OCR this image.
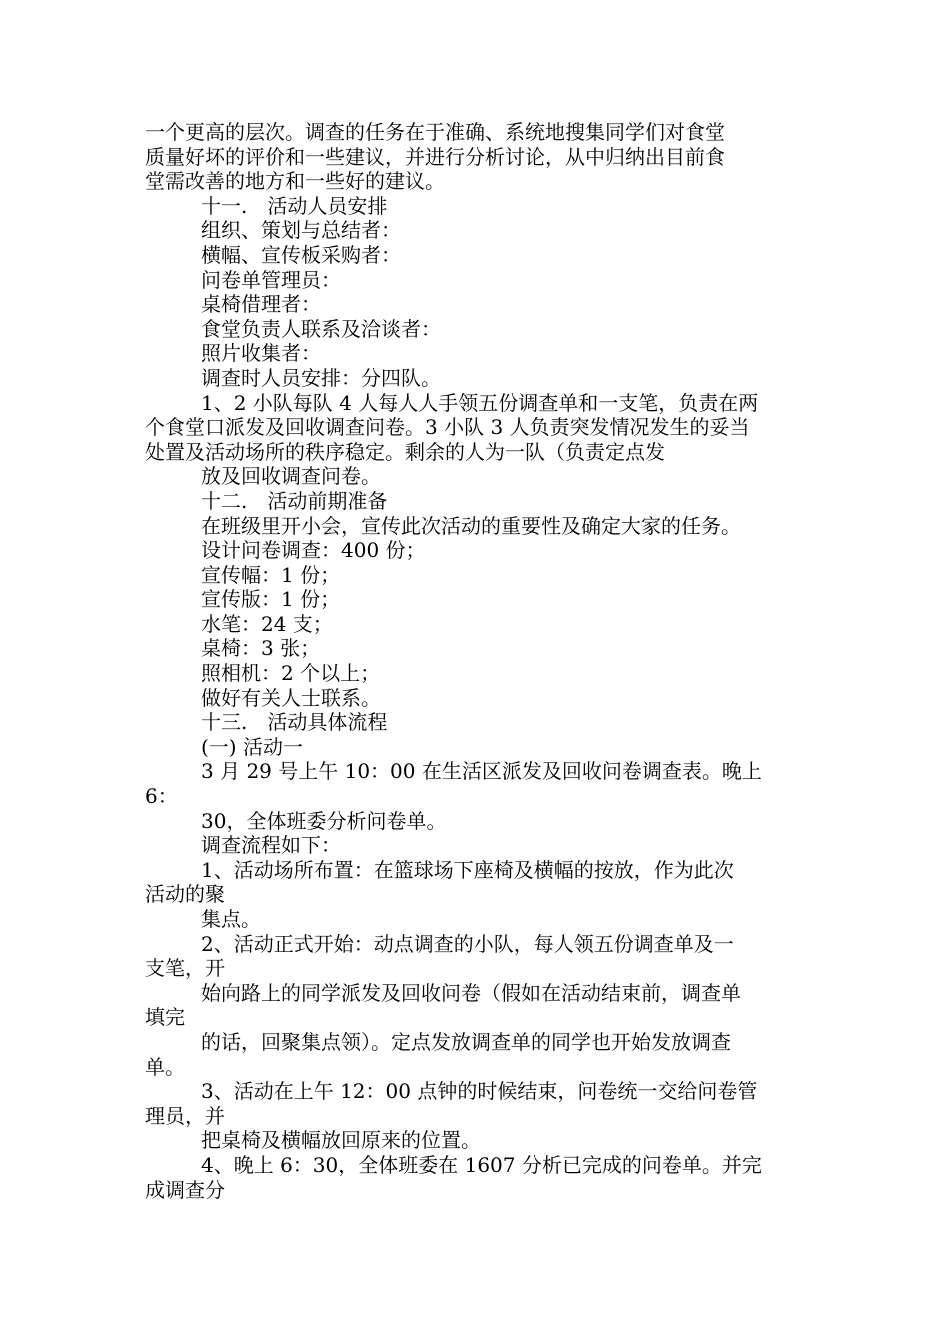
一个更高的层次。调查的任务在于准确、系统地搜集同学们对食堂

质量好坏的评价和一些建议，并进行分析讨论，从中归纳出目前食

堂需改善的地方和一些好的建议。

十一.　活动人员安排

组织、策划与总结者：

横幅、宣传板采购者：

问卷单管理员：

桌椅借理者：

食堂负责人联系及洽谈者：

照片收集者：

调查时人员安排：分四队。

1、2 小队每队 4 人每人人手领五份调查单和一支笔，负责在两

个食堂口派发及回收调查问卷。3 小队 3 人负责突发情况发生的妥当

处置及活动场所的秩序稳定。剩余的人为一队（负责定点发

放及回收调查问卷。

十二.　活动前期准备

在班级里开小会，宣传此次活动的重要性及确定大家的任务。

设计问卷调查：400 份；

宣传幅：1 份；

宣传版：1 份；

水笔：24 支；

桌椅：3 张；

照相机：2 个以上；

做好有关人士联系。

十三.　活动具体流程

(一) 活动一

3 月 29 号上午 10：00 在生活区派发及回收问卷调查表。晚上

6：

30，全体班委分析问卷单。

调查流程如下：

1、活动场所布置：在篮球场下座椅及横幅的按放，作为此次

活动的聚

集点。

2、活动正式开始：动点调查的小队，每人领五份调查单及一

支笔，开

始向路上的同学派发及回收问卷（假如在活动结束前，调查单

填完

的话，回聚集点领）。定点发放调查单的同学也开始发放调查

单。

3、活动在上午 12：00 点钟的时候结束，问卷统一交给问卷管

理员，并

把桌椅及横幅放回原来的位置。

4、晚上 6：30，全体班委在 1607 分析已完成的问卷单。并完

成调查分
